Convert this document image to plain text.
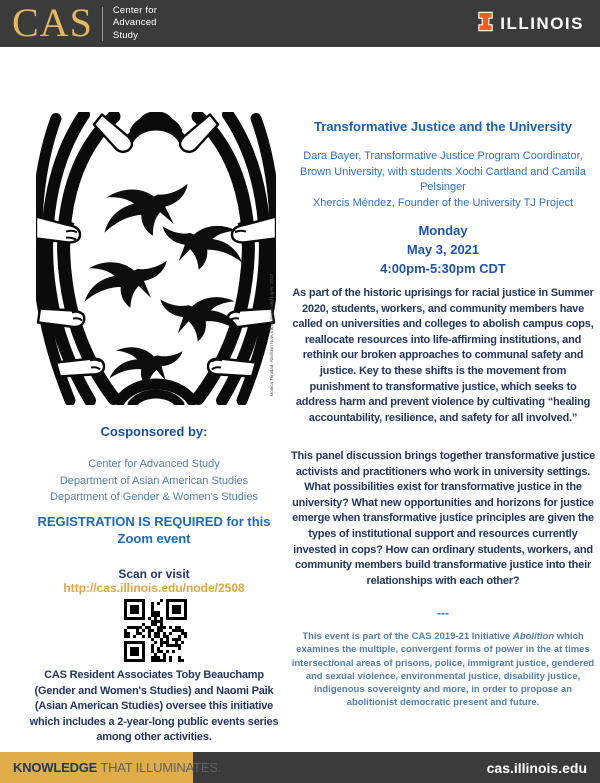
CAS Center for
Advanced
Study
ILLINOIS
Monica Trinidad, Abolition Now, ink on paper and paper, 2013
Cosponsored by:
Center for Advanced Study
Department of Asian American Studies
Department of Gender & Women's Studies
REGISTRATION IS REQUIRED for this Zoom event
Scan or visit http://cas.illinois.edu/node/2508
CAS Resident Associates Toby Beauchamp (Gender and Women's Studies) and Naomi Paik (Asian American Studies) oversee this initiative which includes a 2-year-long public events series among other activities.
Transformative Justice and the University
Dara Bayer, Transformative Justice Program Coordinator, Brown University, with students Xochi Cartland and Camila Pelsinger
Xhercis Méndez, Founder of the University TJ Project
Monday
May 3, 2021
4:00pm-5:30pm CDT
As part of the historic uprisings for racial justice in Summer 2020, students, workers, and community members have called on universities and colleges to abolish campus cops, reallocate resources into life-affirming institutions, and rethink our broken approaches to communal safety and justice. Key to these shifts is the movement from punishment to transformative justice, which seeks to address harm and prevent violence by cultivating “healing accountability, resilience, and safety for all involved.”
This panel discussion brings together transformative justice activists and practitioners who work in university settings. What possibilities exist for transformative justice in the university? What new opportunities and horizons for justice emerge when transformative justice principles are given the types of institutional support and resources currently invested in cops? How can ordinary students, workers, and community members build transformative justice into their relationships with each other?
---
This event is part of the CAS 2019-21 Initiative Abolition which examines the multiple, convergent forms of power in the at times intersectional areas of prisons, police, immigrant justice, gendered and sexual violence, environmental justice, disability justice, indigenous sovereignty and more, in order to propose an abolitionist democratic present and future.
KNOWLEDGE THAT ILLUMINATES.	cas.illinois.edu
